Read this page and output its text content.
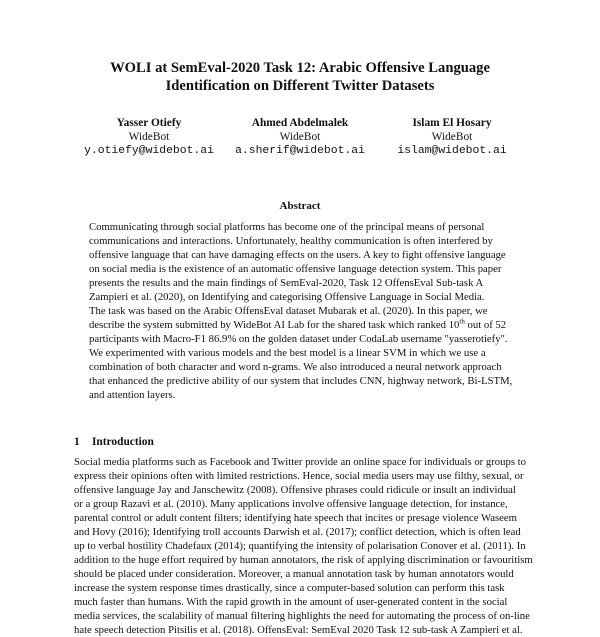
WOLI at SemEval-2020 Task 12: Arabic Offensive Language
Identification on Different Twitter Datasets
Yasser Otiefy
WideBot
y.otiefy@widebot.ai
Ahmed Abdelmalek
WideBot
a.sherif@widebot.ai
Islam El Hosary
WideBot
islam@widebot.ai
Abstract
Communicating through social platforms has become one of the principal means of personal
communications and interactions. Unfortunately, healthy communication is often interfered by
offensive language that can have damaging effects on the users. A key to fight offensive language
on social media is the existence of an automatic offensive language detection system. This paper
presents the results and the main findings of SemEval-2020, Task 12 OffensEval Sub-task A
Zampieri et al. (2020), on Identifying and categorising Offensive Language in Social Media.
The task was based on the Arabic OffensEval dataset Mubarak et al. (2020). In this paper, we
describe the system submitted by WideBot AI Lab for the shared task which ranked 10th out of 52
participants with Macro-F1 86.9% on the golden dataset under CodaLab username "yasserotiefy".
We experimented with various models and the best model is a linear SVM in which we use a
combination of both character and word n-grams. We also introduced a neural network approach
that enhanced the predictive ability of our system that includes CNN, highway network, Bi-LSTM,
and attention layers.
1 Introduction
Social media platforms such as Facebook and Twitter provide an online space for individuals or groups to
express their opinions often with limited restrictions. Hence, social media users may use filthy, sexual, or
offensive language Jay and Janschewitz (2008). Offensive phrases could ridicule or insult an individual
or a group Razavi et al. (2010). Many applications involve offensive language detection, for instance,
parental control or adult content filters; identifying hate speech that incites or presage violence Waseem
and Hovy (2016); Identifying troll accounts Darwish et al. (2017); conflict detection, which is often lead
up to verbal hostility Chadefaux (2014); quantifying the intensity of polarisation Conover et al. (2011). In
addition to the huge effort required by human annotators, the risk of applying discrimination or favouritism
should be placed under consideration. Moreover, a manual annotation task by human annotators would
increase the system response times drastically, since a computer-based solution can perform this task
much faster than humans. With the rapid growth in the amount of user-generated content in the social
media services, the scalability of manual filtering highlights the need for automating the process of on-line
hate speech detection Pitsilis et al. (2018). OffensEval: SemEval 2020 Task 12 sub-task A Zampieri et al.
